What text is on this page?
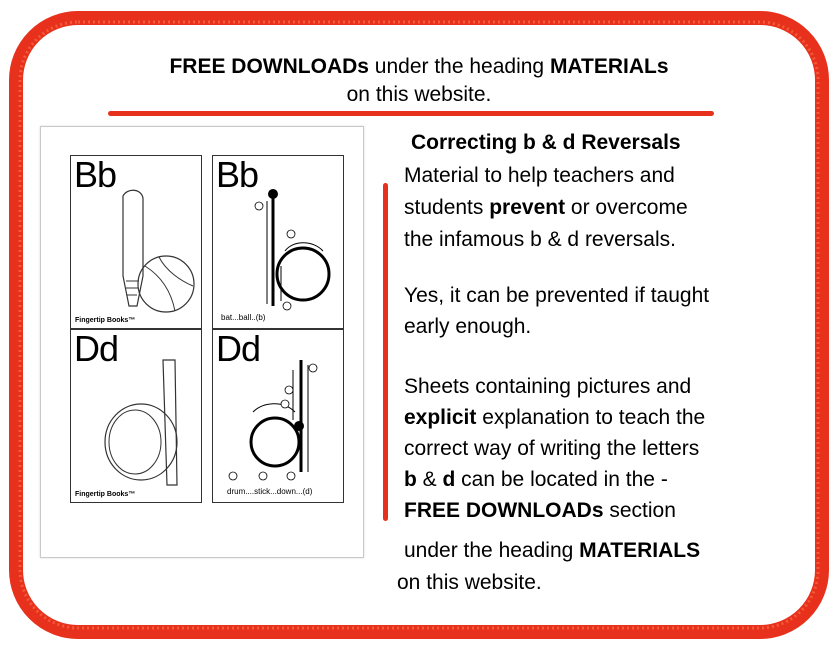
FREE DOWNLOADs under the heading MATERIALs
on this website.
Bb
Fingertip Books™
Bb
bat...ball..(b)
Dd
Fingertip Books™
Dd
drum....stick...down...(d)
Correcting b & d Reversals
Material to help teachers and
students prevent or overcome
the infamous b & d reversals.
Yes, it can be prevented if taught
early enough.
Sheets containing pictures and
explicit explanation to teach the
correct way of writing the letters
b & d can be located in the -
FREE DOWNLOADs section
under the heading MATERIALS
on this website.
